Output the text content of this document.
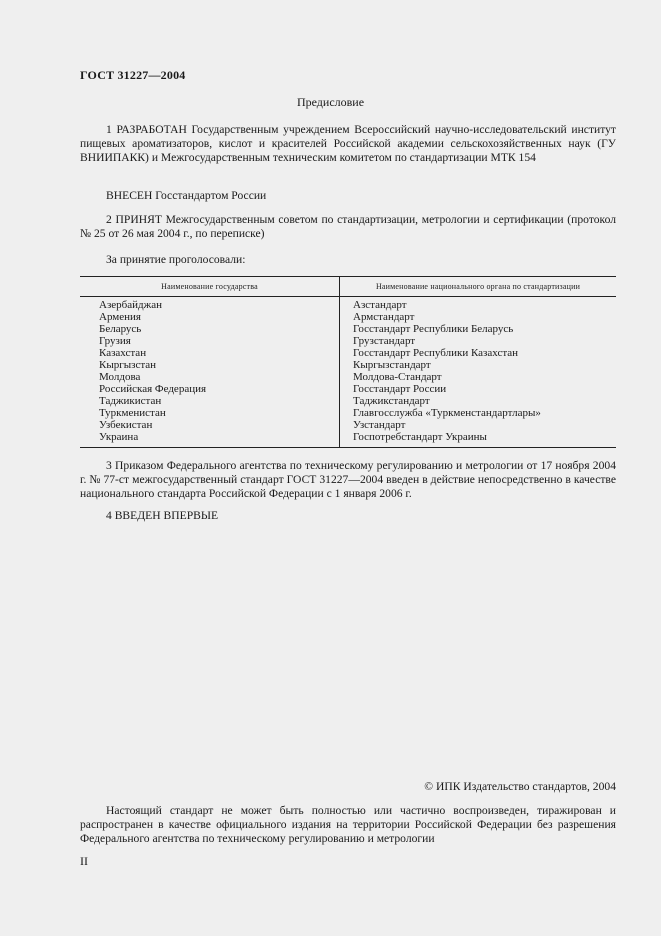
ГОСТ 31227—2004

Предисловие

1 РАЗРАБОТАН Государственным учреждением Всероссийский научно-исследовательский институт пищевых ароматизаторов, кислот и красителей Российской академии сельскохозяйственных наук (ГУ ВНИИПАКК) и Межгосударственным техническим комитетом по стандартизации МТК 154

ВНЕСЕН Госстандартом России

2 ПРИНЯТ Межгосударственным советом по стандартизации, метрологии и сертификации (протокол № 25 от 26 мая 2004 г., по переписке)

За принятие проголосовали:

Наименование государства	Наименование национального органа по стандартизации
Азербайджан	Азстандарт
Армения	Армстандарт
Беларусь	Госстандарт Республики Беларусь
Грузия	Грузстандарт
Казахстан	Госстандарт Республики Казахстан
Кыргызстан	Кыргызстандарт
Молдова	Молдова-Стандарт
Российская Федерация	Госстандарт России
Таджикистан	Таджикстандарт
Туркменистан	Главгосслужба «Туркменстандартлары»
Узбекистан	Узстандарт
Украина	Госпотребстандарт Украины

3 Приказом Федерального агентства по техническому регулированию и метрологии от 17 ноября 2004 г. № 77-ст межгосударственный стандарт ГОСТ 31227—2004 введен в действие непосредственно в качестве национального стандарта Российской Федерации с 1 января 2006 г.

4 ВВЕДЕН ВПЕРВЫЕ

© ИПК Издательство стандартов, 2004

Настоящий стандарт не может быть полностью или частично воспроизведен, тиражирован и распространен в качестве официального издания на территории Российской Федерации без разрешения Федерального агентства по техническому регулированию и метрологии

II
